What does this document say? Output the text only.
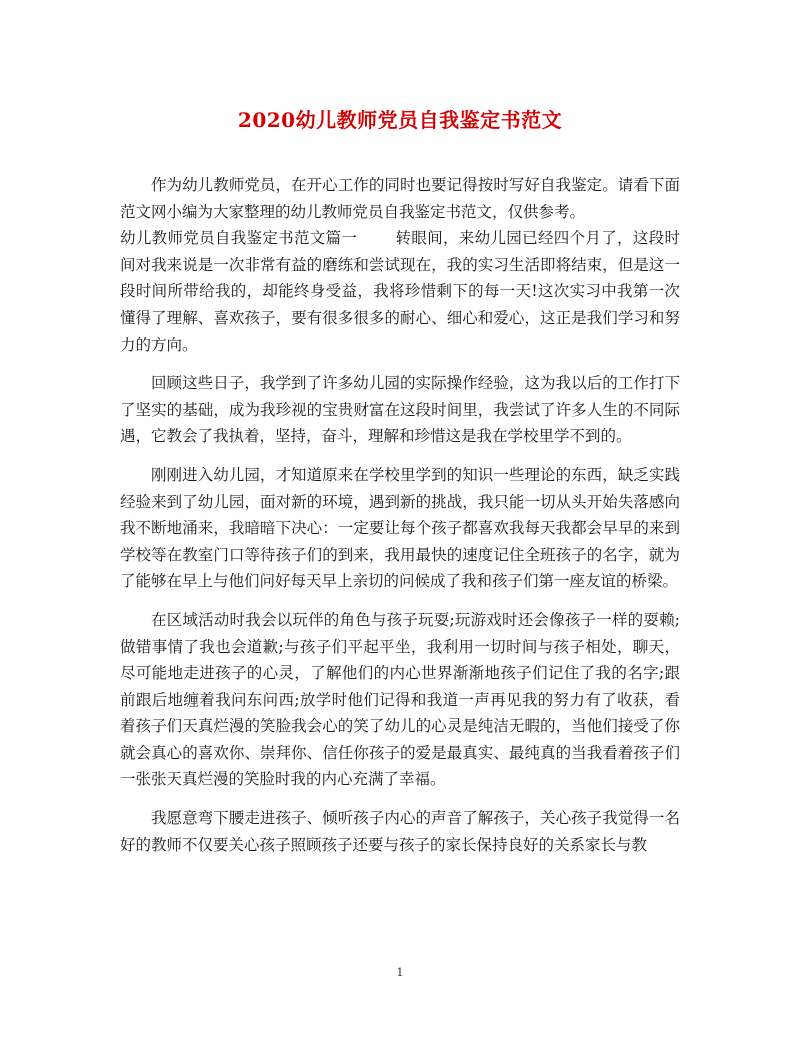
2020幼儿教师党员自我鉴定书范文

作为幼儿教师党员，在开心工作的同时也要记得按时写好自我鉴定。请看下面范文网小编为大家整理的幼儿教师党员自我鉴定书范文，仅供参考。

幼儿教师党员自我鉴定书范文篇一 转眼间，来幼儿园已经四个月了，这段时间对我来说是一次非常有益的磨练和尝试现在，我的实习生活即将结束，但是这一段时间所带给我的，却能终身受益，我将珍惜剩下的每一天!这次实习中我第一次懂得了理解、喜欢孩子，要有很多很多的耐心、细心和爱心，这正是我们学习和努力的方向。

回顾这些日子，我学到了许多幼儿园的实际操作经验，这为我以后的工作打下了坚实的基础，成为我珍视的宝贵财富在这段时间里，我尝试了许多人生的不同际遇，它教会了我执着，坚持，奋斗，理解和珍惜这是我在学校里学不到的。

刚刚进入幼儿园，才知道原来在学校里学到的知识一些理论的东西，缺乏实践经验来到了幼儿园，面对新的环境，遇到新的挑战，我只能一切从头开始失落感向我不断地涌来，我暗暗下决心：一定要让每个孩子都喜欢我每天我都会早早的来到学校等在教室门口等待孩子们的到来，我用最快的速度记住全班孩子的名字，就为了能够在早上与他们问好每天早上亲切的问候成了我和孩子们第一座友谊的桥梁。

在区域活动时我会以玩伴的角色与孩子玩耍;玩游戏时还会像孩子一样的耍赖;做错事情了我也会道歉;与孩子们平起平坐，我利用一切时间与孩子相处，聊天，尽可能地走进孩子的心灵，了解他们的内心世界渐渐地孩子们记住了我的名字;跟前跟后地缠着我问东问西;放学时他们记得和我道一声再见我的努力有了收获，看着孩子们天真烂漫的笑脸我会心的笑了幼儿的心灵是纯洁无暇的，当他们接受了你就会真心的喜欢你、崇拜你、信任你孩子的爱是最真实、最纯真的当我看着孩子们一张张天真烂漫的笑脸时我的内心充满了幸福。

我愿意弯下腰走进孩子、倾听孩子内心的声音了解孩子，关心孩子我觉得一名好的教师不仅要关心孩子照顾孩子还要与孩子的家长保持良好的关系家长与教

1
